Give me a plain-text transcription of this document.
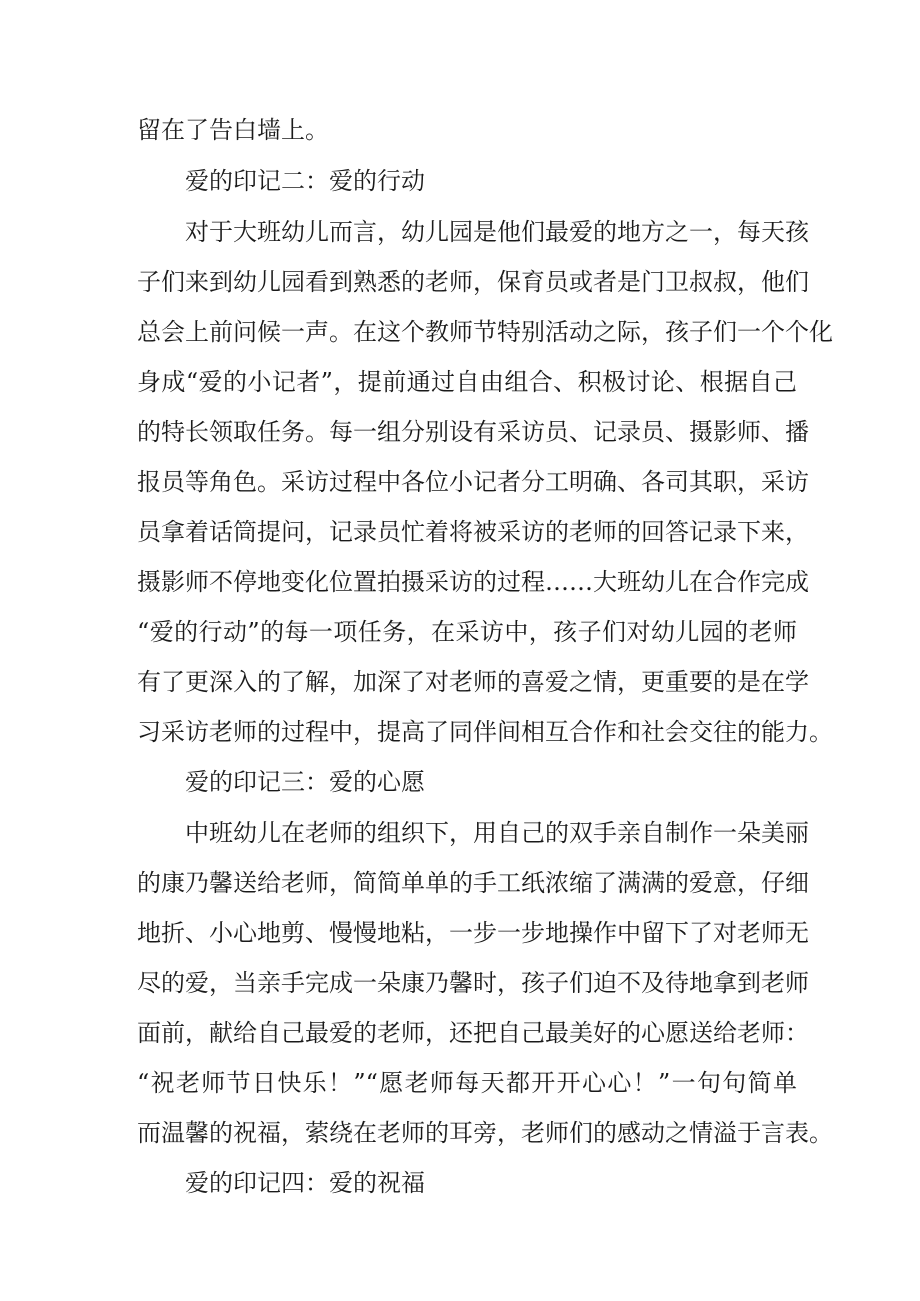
留在了告白墙上。
爱的印记二：爱的行动
对于大班幼儿而言，幼儿园是他们最爱的地方之一，每天孩
子们来到幼儿园看到熟悉的老师，保育员或者是门卫叔叔，他们
总会上前问候一声。在这个教师节特别活动之际，孩子们一个个化
身成“爱的小记者”，提前通过自由组合、积极讨论、根据自己
的特长领取任务。每一组分别设有采访员、记录员、摄影师、播
报员等角色。采访过程中各位小记者分工明确、各司其职，采访
员拿着话筒提问，记录员忙着将被采访的老师的回答记录下来，
摄影师不停地变化位置拍摄采访的过程……大班幼儿在合作完成
“爱的行动”的每一项任务，在采访中，孩子们对幼儿园的老师
有了更深入的了解，加深了对老师的喜爱之情，更重要的是在学
习采访老师的过程中，提高了同伴间相互合作和社会交往的能力。
爱的印记三：爱的心愿
中班幼儿在老师的组织下，用自己的双手亲自制作一朵美丽
的康乃馨送给老师，简简单单的手工纸浓缩了满满的爱意，仔细
地折、小心地剪、慢慢地粘，一步一步地操作中留下了对老师无
尽的爱，当亲手完成一朵康乃馨时，孩子们迫不及待地拿到老师
面前，献给自己最爱的老师，还把自己最美好的心愿送给老师：
“祝老师节日快乐！”“愿老师每天都开开心心！”一句句简单
而温馨的祝福，萦绕在老师的耳旁，老师们的感动之情溢于言表。
爱的印记四：爱的祝福
